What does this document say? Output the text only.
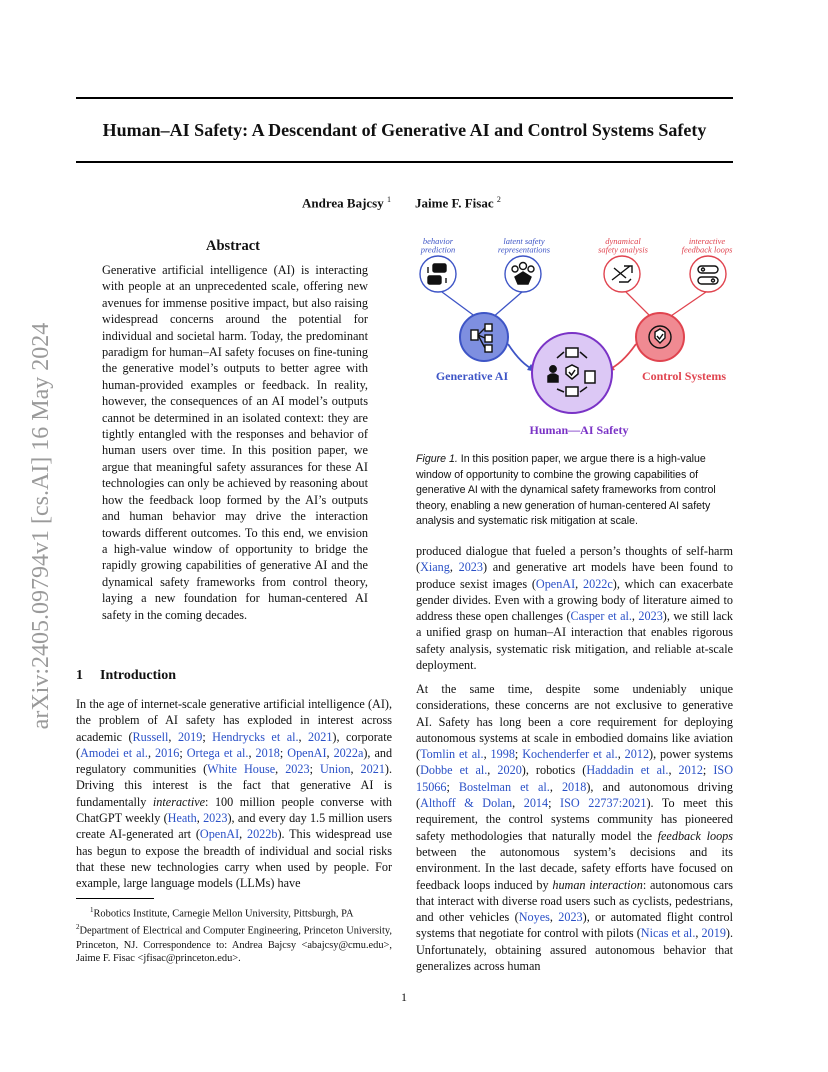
Human–AI Safety: A Descendant of Generative AI and Control Systems Safety
Andrea Bajcsy $^1$ Jaime F. Fisac $^2$
arXiv:2405.09794v1 [cs.AI] 16 May 2024
Abstract

Generative artificial intelligence (AI) is interacting with people at an unprecedented scale, offering new avenues for immense positive impact, but also raising widespread concerns around the potential for individual and societal harm. Today, the predominant paradigm for human–AI safety focuses on fine-tuning the generative model’s outputs to better agree with human-provided examples or feedback. In reality, however, the consequences of an AI model’s outputs cannot be determined in an isolated context: they are tightly entangled with the responses and behavior of human users over time. In this position paper, we argue that meaningful safety assurances for these AI technologies can only be achieved by reasoning about how the feedback loop formed by the AI’s outputs and human behavior may drive the interaction towards different outcomes. To this end, we envision a high-value window of opportunity to bridge the rapidly growing capabilities of generative AI and the dynamical safety frameworks from control theory, laying a new foundation for human-centered AI safety in the coming decades.

1 Introduction

In the age of internet-scale generative artificial intelligence (AI), the problem of AI safety has exploded in interest across academic (Russell, 2019; Hendrycks et al., 2021), corporate (Amodei et al., 2016; Ortega et al., 2018; OpenAI, 2022a), and regulatory communities (White House, 2023; Union, 2021). Driving this interest is the fact that generative AI is fundamentally interactive: 100 million people converse with ChatGPT weekly (Heath, 2023), and every day 1.5 million users create AI-generated art (OpenAI, 2022b). This widespread use has begun to expose the breadth of individual and social risks that these new technologies carry when used by people. For example, large language models (LLMs) have

$^1$Robotics Institute, Carnegie Mellon University, Pittsburgh, PA
$^2$Department of Electrical and Computer Engineering, Princeton University, Princeton, NJ. Correspondence to: Andrea Bajcsy <abajcsy@cmu.edu>, Jaime F. Fisac <jfisac@princeton.edu>.

behavior prediction
latent safety representations
dynamical safety analysis
interactive feedback loops
Generative AI	Control Systems
Human—AI Safety

Figure 1. In this position paper, we argue there is a high-value window of opportunity to combine the growing capabilities of generative AI with the dynamical safety frameworks from control theory, enabling a new generation of human-centered AI safety analysis and systematic risk mitigation at scale.

produced dialogue that fueled a person’s thoughts of self-harm (Xiang, 2023) and generative art models have been found to produce sexist images (OpenAI, 2022c), which can exacerbate gender divides. Even with a growing body of literature aimed to address these open challenges (Casper et al., 2023), we still lack a unified grasp on human–AI interaction that enables rigorous safety analysis, systematic risk mitigation, and reliable at-scale deployment.

At the same time, despite some undeniably unique considerations, these concerns are not exclusive to generative AI. Safety has long been a core requirement for deploying autonomous systems at scale in embodied domains like aviation (Tomlin et al., 1998; Kochenderfer et al., 2012), power systems (Dobbe et al., 2020), robotics (Haddadin et al., 2012; ISO 15066; Bostelman et al., 2018), and autonomous driving (Althoff & Dolan, 2014; ISO 22737:2021). To meet this requirement, the control systems community has pioneered safety methodologies that naturally model the feedback loops between the autonomous system’s decisions and its environment. In the last decade, safety efforts have focused on feedback loops induced by human interaction: autonomous cars that interact with diverse road users such as cyclists, pedestrians, and other vehicles (Noyes, 2023), or automated flight control systems that negotiate for control with pilots (Nicas et al., 2019). Unfortunately, obtaining assured autonomous behavior that generalizes across human

1
